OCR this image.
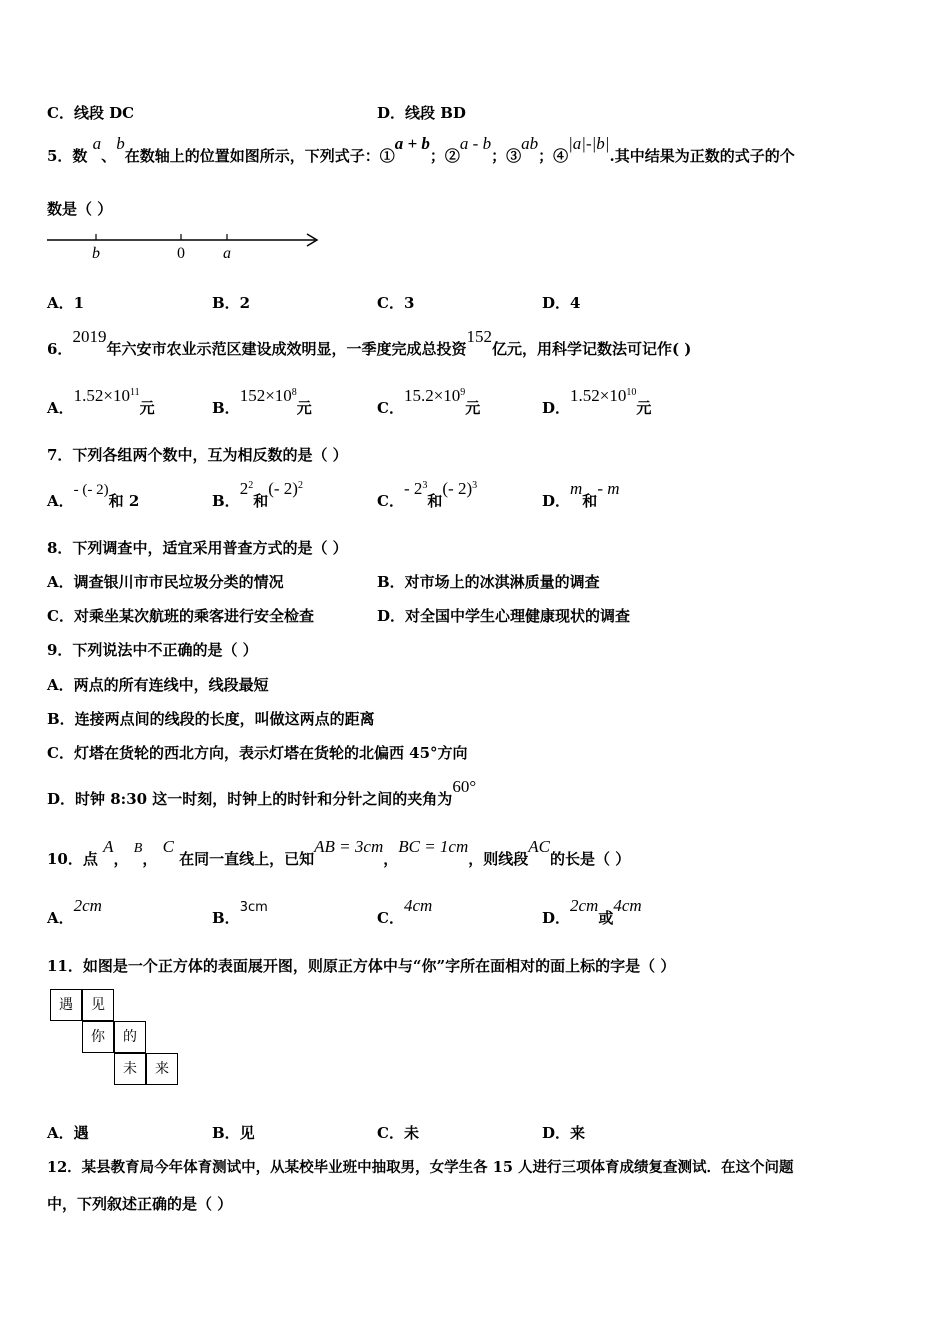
C．线段 DC	D．线段 BD
5．数 a、b在数轴上的位置如图所示，下列式子：①a + b；②a - b；③ab；④|a|-|b|.其中结果为正数的式子的个
数是（ ）
b	0 a
A．1	B．2	C．3	D．4
6．2019年六安市农业示范区建设成效明显，一季度完成总投资152亿元，用科学记数法可记作( )
A．$1.52\times 10^{11}$元	B．$152\times 10^8$元	C．$15.2\times 10^9$元	D．$1.52\times 10^{10}$元
7．下列各组两个数中，互为相反数的是（ ）
A．- (- 2)和 2	B．$2^2$和(- 2)$^2$
C．- $2^3$和(- 2)$^3$
D．m和- m
8．下列调查中，适宜采用普查方式的是（ ）
A．调查银川市市民垃圾分类的情况	B．对市场上的冰淇淋质量的调查
C．对乘坐某次航班的乘客进行安全检查	D．对全国中学生心理健康现状的调查
9．下列说法中不正确的是（ ）
A．两点的所有连线中，线段最短
B．连接两点间的线段的长度，叫做这两点的距离
C．灯塔在货轮的西北方向，表示灯塔在货轮的北偏西 45°方向
D．时钟 8:30 这一时刻，时钟上的时针和分针之间的夹角为60°
10．点 A， B， C 在同一直线上，已知AB = 3cm，BC = 1cm，则线段AC的长是（ ）
A．2cm
B．3cm
C．4cm
D．2cm或4cm
11．如图是一个正方体的表面展开图，则原正方体中与“你”字所在面相对的面上标的字是（ ）
遇	见
你	的
未	来
A．遇	B．见	C．未	D．来
12．某县教育局今年体育测试中，从某校毕业班中抽取男，女学生各 15 人进行三项体育成绩复查测试．在这个问题
中，下列叙述正确的是（ ）
